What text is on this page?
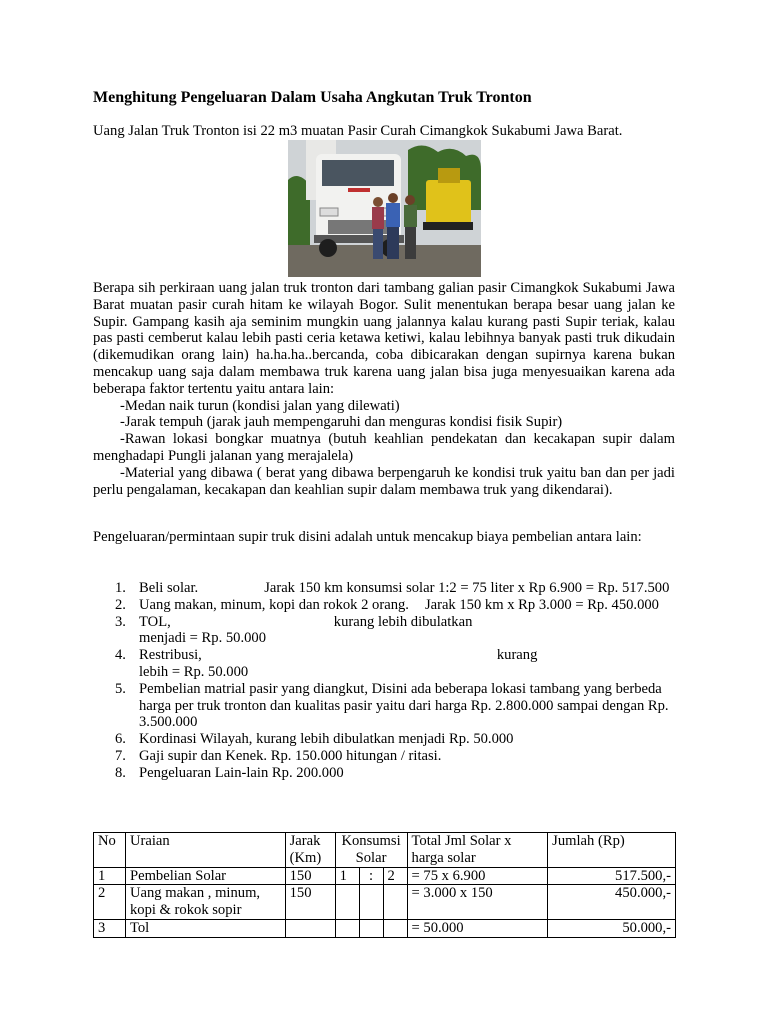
Menghitung Pengeluaran Dalam Usaha Angkutan Truk Tronton
Uang Jalan Truk Tronton isi 22 m3 muatan Pasir Curah Cimangkok Sukabumi Jawa Barat.

Berapa sih perkiraan uang jalan truk tronton dari tambang galian pasir Cimangkok Sukabumi Jawa Barat muatan pasir curah hitam ke wilayah Bogor. Sulit menentukan berapa besar uang jalan ke Supir. Gampang kasih aja seminim mungkin uang jalannya kalau kurang pasti Supir teriak, kalau pas pasti cemberut kalau lebih pasti ceria ketawa ketiwi, kalau lebihnya banyak pasti truk dikudain (dikemudikan orang lain) ha.ha.ha..bercanda, coba dibicarakan dengan supirnya karena bukan mencakup uang saja dalam membawa truk karena uang jalan bisa juga menyesuaikan karena ada beberapa faktor tertentu yaitu antara lain:

-Medan naik turun (kondisi jalan yang dilewati)

-Jarak tempuh (jarak jauh mempengaruhi dan menguras kondisi fisik Supir)

-Rawan lokasi bongkar muatnya (butuh keahlian pendekatan dan kecakapan supir dalam menghadapi Pungli jalanan yang merajalela)

-Material yang dibawa ( berat yang dibawa berpengaruh ke kondisi truk yaitu ban dan per jadi perlu pengalaman, kecakapan dan keahlian supir dalam membawa truk yang dikendarai).

Pengeluaran/permintaan supir truk disini adalah untuk mencakup biaya pembelian antara lain:
1. Beli solar.	Jarak 150 km konsumsi solar 1:2 = 75 liter x Rp 6.900 = Rp. 517.500
2. Uang makan, minum, kopi dan rokok 2 orang. Jarak 150 km x Rp 3.000 = Rp. 450.000
3. TOL,	kurang lebih dibulatkan
menjadi = Rp. 50.000
4. Restribusi,	kurang
lebih = Rp. 50.000
5. Pembelian matrial pasir yang diangkut, Disini ada beberapa lokasi tambang yang berbeda harga per truk tronton dan kualitas pasir yaitu dari harga Rp. 2.800.000 sampai dengan Rp. 3.500.000
6. Kordinasi Wilayah, kurang lebih dibulatkan menjadi Rp. 50.000
7. Gaji supir dan Kenek. Rp. 150.000 hitungan / ritasi.
8. Pengeluaran Lain-lain Rp. 200.000
No	Uraian	Jarak (Km)	Konsumsi Solar			Total Jml Solar x harga solar	Jumlah (Rp)
1	Pembelian Solar	150	1	:	2	= 75 x 6.900	517.500,-
2	Uang makan , minum, kopi & rokok sopir	150				= 3.000 x 150	450.000,-
3	Tol					= 50.000	50.000,-
